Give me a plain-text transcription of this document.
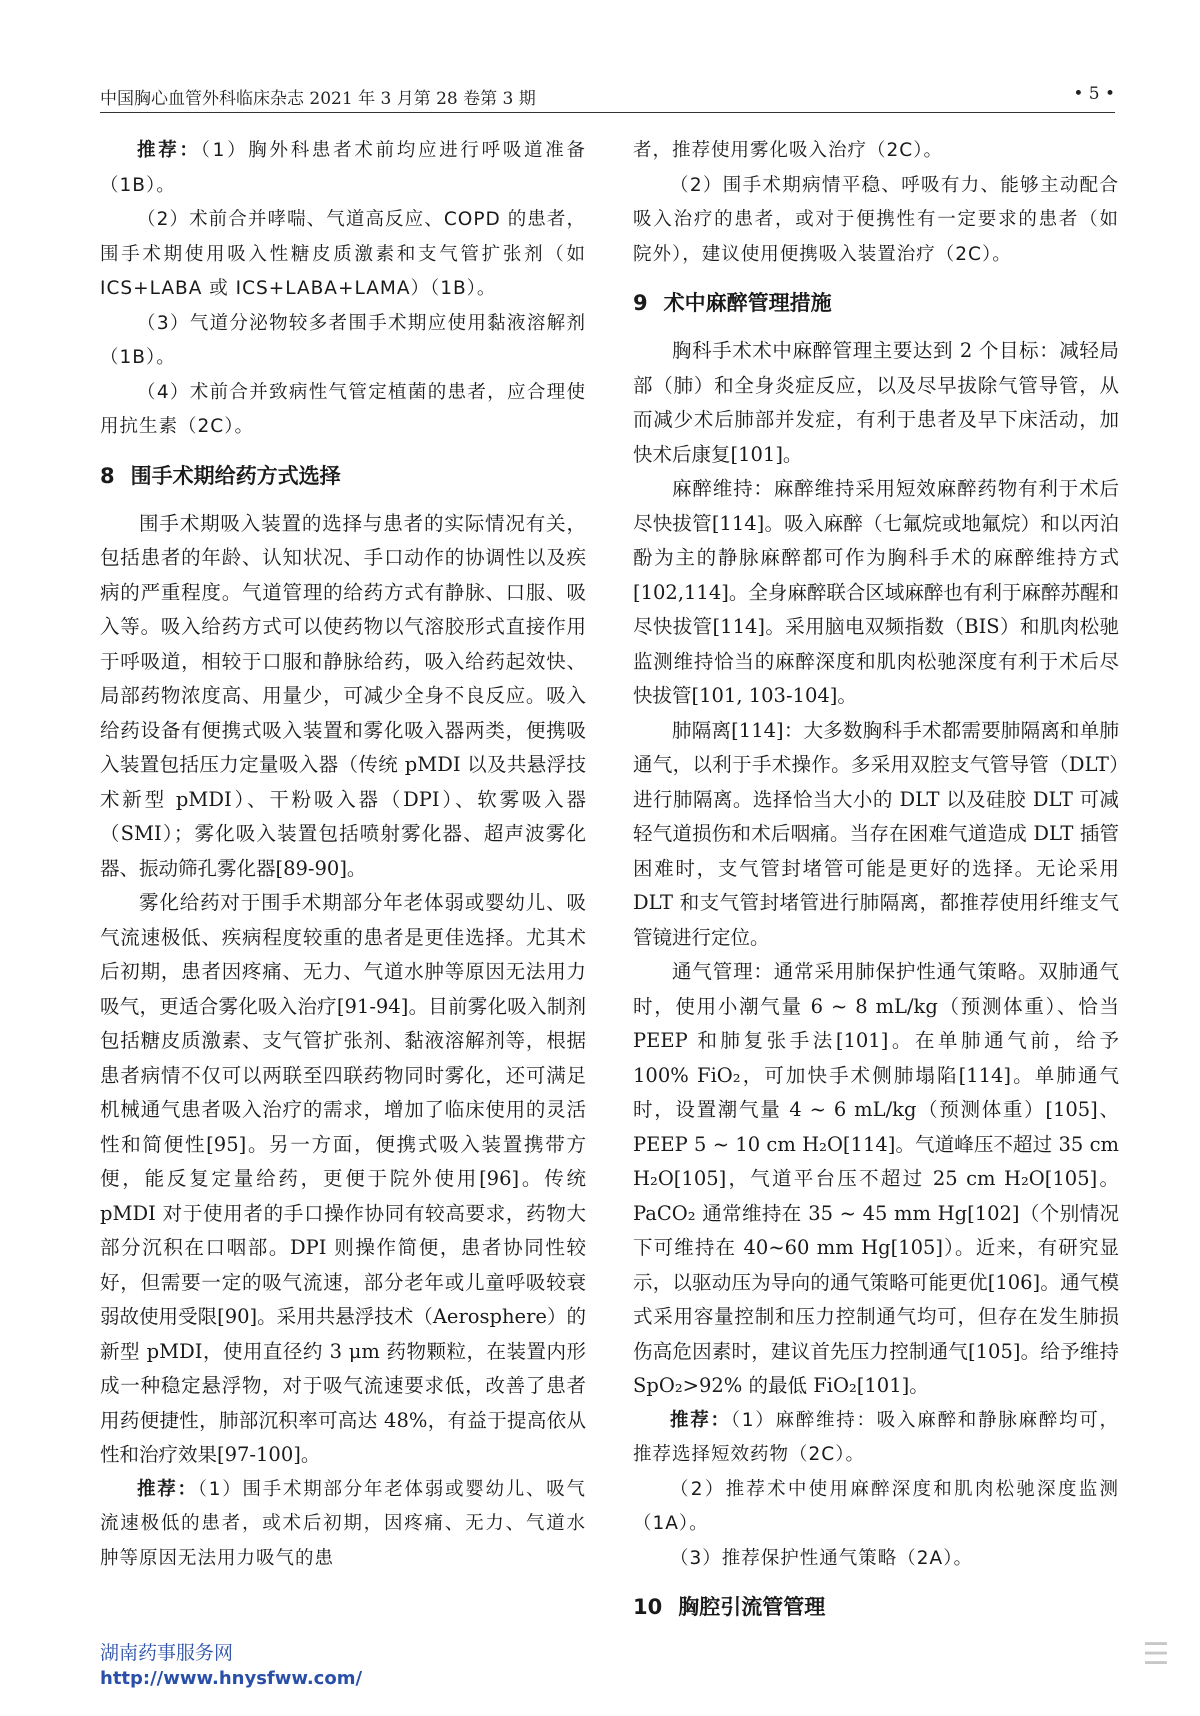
中国胸心血管外科临床杂志 2021 年 3 月第 28 卷第 3 期	• 5 •

推荐：（1）胸外科患者术前均应进行呼吸道准备（1B）。

（2）术前合并哮喘、气道高反应、COPD 的患者，围手术期使用吸入性糖皮质激素和支气管扩张剂（如 ICS+LABA 或 ICS+LABA+LAMA）（1B）。

（3）气道分泌物较多者围手术期应使用黏液溶解剂（1B）。

（4）术前合并致病性气管定植菌的患者，应合理使用抗生素（2C）。

8 围手术期给药方式选择

围手术期吸入装置的选择与患者的实际情况有关，包括患者的年龄、认知状况、手口动作的协调性以及疾病的严重程度。气道管理的给药方式有静脉、口服、吸入等。吸入给药方式可以使药物以气溶胶形式直接作用于呼吸道，相较于口服和静脉给药，吸入给药起效快、局部药物浓度高、用量少，可减少全身不良反应。吸入给药设备有便携式吸入装置和雾化吸入器两类，便携吸入装置包括压力定量吸入器（传统 pMDI 以及共悬浮技术新型 pMDI）、干粉吸入器（DPI）、软雾吸入器（SMI）；雾化吸入装置包括喷射雾化器、超声波雾化器、振动筛孔雾化器[89-90]。

雾化给药对于围手术期部分年老体弱或婴幼儿、吸气流速极低、疾病程度较重的患者是更佳选择。尤其术后初期，患者因疼痛、无力、气道水肿等原因无法用力吸气，更适合雾化吸入治疗[91-94]。目前雾化吸入制剂包括糖皮质激素、支气管扩张剂、黏液溶解剂等，根据患者病情不仅可以两联至四联药物同时雾化，还可满足机械通气患者吸入治疗的需求，增加了临床使用的灵活性和简便性[95]。另一方面，便携式吸入装置携带方便，能反复定量给药，更便于院外使用[96]。传统 pMDI 对于使用者的手口操作协同有较高要求，药物大部分沉积在口咽部。DPI 则操作简便，患者协同性较好，但需要一定的吸气流速，部分老年或儿童呼吸较衰弱故使用受限[90]。采用共悬浮技术（Aerosphere）的新型 pMDI，使用直径约 3 μm 药物颗粒，在装置内形成一种稳定悬浮物，对于吸气流速要求低，改善了患者用药便捷性，肺部沉积率可高达 48%，有益于提高依从性和治疗效果[97-100]。

推荐：（1）围手术期部分年老体弱或婴幼儿、吸气流速极低的患者，或术后初期，因疼痛、无力、气道水肿等原因无法用力吸气的患

者，推荐使用雾化吸入治疗（2C）。

（2）围手术期病情平稳、呼吸有力、能够主动配合吸入治疗的患者，或对于便携性有一定要求的患者（如院外），建议使用便携吸入装置治疗（2C）。

9 术中麻醉管理措施

胸科手术术中麻醉管理主要达到 2 个目标：减轻局部（肺）和全身炎症反应，以及尽早拔除气管导管，从而减少术后肺部并发症，有利于患者及早下床活动，加快术后康复[101]。

麻醉维持：麻醉维持采用短效麻醉药物有利于术后尽快拔管[114]。吸入麻醉（七氟烷或地氟烷）和以丙泊酚为主的静脉麻醉都可作为胸科手术的麻醉维持方式[102,114]。全身麻醉联合区域麻醉也有利于麻醉苏醒和尽快拔管[114]。采用脑电双频指数（BIS）和肌肉松驰监测维持恰当的麻醉深度和肌肉松驰深度有利于术后尽快拔管[101, 103-104]。

肺隔离[114]：大多数胸科手术都需要肺隔离和单肺通气，以利于手术操作。多采用双腔支气管导管（DLT）进行肺隔离。选择恰当大小的 DLT 以及硅胶 DLT 可减轻气道损伤和术后咽痛。当存在困难气道造成 DLT 插管困难时，支气管封堵管可能是更好的选择。无论采用 DLT 和支气管封堵管进行肺隔离，都推荐使用纤维支气管镜进行定位。

通气管理：通常采用肺保护性通气策略。双肺通气时，使用小潮气量 6 ~ 8 mL/kg（预测体重）、恰当 PEEP 和肺复张手法[101]。在单肺通气前，给予 100% FiO₂，可加快手术侧肺塌陷[114]。单肺通气时，设置潮气量 4 ~ 6 mL/kg（预测体重）[105]、PEEP 5 ~ 10 cm H₂O[114]。气道峰压不超过 35 cm H₂O[105]，气道平台压不超过 25 cm H₂O[105]。PaCO₂ 通常维持在 35 ~ 45 mm Hg[102]（个别情况下可维持在 40~60 mm Hg[105]）。近来，有研究显示，以驱动压为导向的通气策略可能更优[106]。通气模式采用容量控制和压力控制通气均可，但存在发生肺损伤高危因素时，建议首先压力控制通气[105]。给予维持 SpO₂>92% 的最低 FiO₂[101]。

推荐：（1）麻醉维持：吸入麻醉和静脉麻醉均可，推荐选择短效药物（2C）。

（2）推荐术中使用麻醉深度和肌肉松驰深度监测（1A）。

（3）推荐保护性通气策略（2A）。

10 胸腔引流管管理
湖南药事服务网
http://www.hnysfww.com/
☰
